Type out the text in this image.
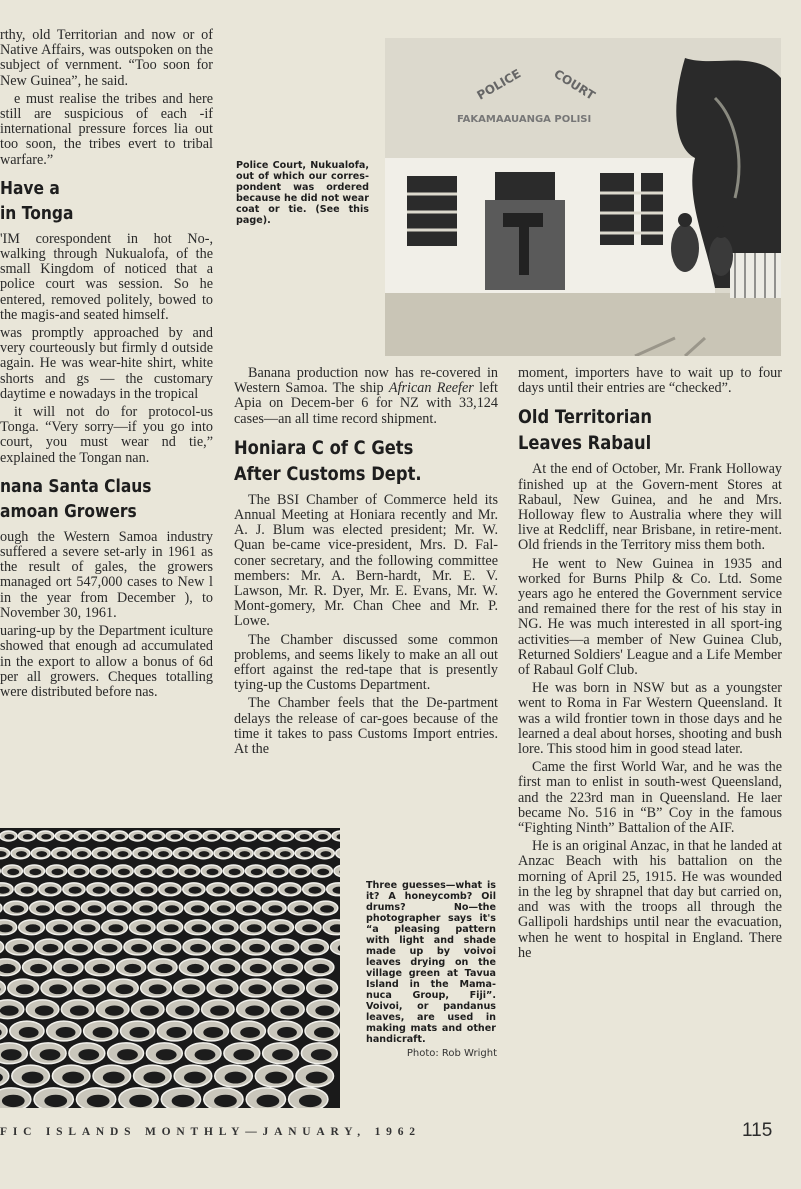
rthy, old Territorian and now or of Native Affairs, was outspoken on the subject of vernment. “Too soon for New Guinea”, he said.

e must realise the tribes and here still are suspicious of each -if international pressure forces lia out too soon, the tribes evert to tribal warfare.”

Have a
in Tonga

'IM corespondent in hot No-, walking through Nukualofa, of the small Kingdom of noticed that a police court was session. So he entered, removed politely, bowed to the magis-and seated himself.

was promptly approached by and very courteously but firmly d outside again. He was wear-hite shirt, white shorts and gs — the customary daytime e nowadays in the tropical

it will not do for protocol-us Tonga. “Very sorry—if you go into court, you must wear nd tie,” explained the Tongan nan.

nana Santa Claus
amoan Growers

ough the Western Samoa industry suffered a severe set-arly in 1961 as the result of gales, the growers managed ort 547,000 cases to New l in the year from December ), to November 30, 1961.

uaring-up by the Department iculture showed that enough ad accumulated in the export to allow a bonus of 6d per all growers. Cheques totalling were distributed before nas.

Police Court, Nukualofa, out of which our corres-pondent was ordered because he did not wear coat or tie. (See this page).
POLICE COURT
FAKAMAAUANGA POLISI

Banana production now has re-covered in Western Samoa. The ship African Reefer left Apia on Decem-ber 6 for NZ with 33,124 cases—an all time record shipment.

Honiara C of C Gets
After Customs Dept.

The BSI Chamber of Commerce held its Annual Meeting at Honiara recently and Mr. A. J. Blum was elected president; Mr. W. Quan be-came vice-president, Mrs. D. Fal-coner secretary, and the following committee members: Mr. A. Bern-hardt, Mr. E. V. Lawson, Mr. R. Dyer, Mr. E. Evans, Mr. W. Mont-gomery, Mr. Chan Chee and Mr. P. Lowe.

The Chamber discussed some common problems, and seems likely to make an all out effort against the red-tape that is presently tying-up the Customs Department.

The Chamber feels that the De-partment delays the release of car-goes because of the time it takes to pass Customs Import entries. At the

moment, importers have to wait up to four days until their entries are “checked”.

Old Territorian
Leaves Rabaul

At the end of October, Mr. Frank Holloway finished up at the Govern-ment Stores at Rabaul, New Guinea, and he and Mrs. Holloway flew to Australia where they will live at Redcliff, near Brisbane, in retire-ment. Old friends in the Territory miss them both.

He went to New Guinea in 1935 and worked for Burns Philp & Co. Ltd. Some years ago he entered the Government service and remained there for the rest of his stay in NG. He was much interested in all sport-ing activities—a member of New Guinea Club, Returned Soldiers' League and a Life Member of Rabaul Golf Club.

He was born in NSW but as a youngster went to Roma in Far Western Queensland. It was a wild frontier town in those days and he learned a deal about horses, shooting and bush lore. This stood him in good stead later.

Came the first World War, and he was the first man to enlist in south-west Queensland, and the 223rd man in Queensland. He laer became No. 516 in “B” Coy in the famous “Fighting Ninth” Battalion of the AIF.

He is an original Anzac, in that he landed at Anzac Beach with his battalion on the morning of April 25, 1915. He was wounded in the leg by shrapnel that day but carried on, and was with the troops all through the Gallipoli hardships until near the evacuation, when he went to hospital in England. There he

Three guesses—what is it? A honeycomb? Oil drums? No—the photographer says it's “a pleasing pattern with light and shade made up by voivoi leaves drying on the village green at Tavua Island in the Mama-nuca Group, Fiji”. Voivoi, or pandanus leaves, are used in making mats and other handicraft.
Photo: Rob Wright
FIC ISLANDS MONTHLY—JANUARY, 1962	115
